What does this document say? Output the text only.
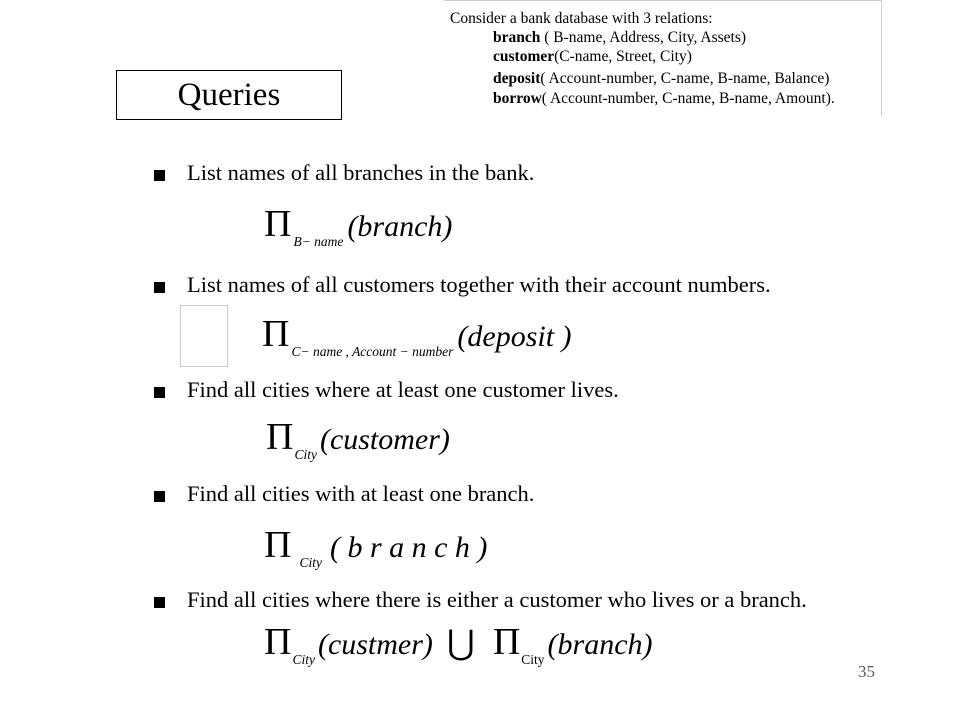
Consider a bank database with 3 relations:
branch ( B-name, Address, City, Assets)
customer(C-name, Street, City)
deposit( Account-number, C-name, B-name, Balance)
borrow( Account-number, C-name, B-name, Amount).
Queries
List names of all branches in the bank.
Π $_{B- name}$ (branch)
List names of all customers together with their account numbers.
Π $_{C- name , Account - number}$ (deposit )
Find all cities where at least one customer lives.
$\Pi_{City}$ (customer)
Find all cities with at least one branch.
Π $_{City}$ ( b r a n c h )
Find all cities where there is either a customer who lives or a branch.
$\Pi_{City}$ (custmer) ⋃ $\Pi_{City}$ (branch)
35
